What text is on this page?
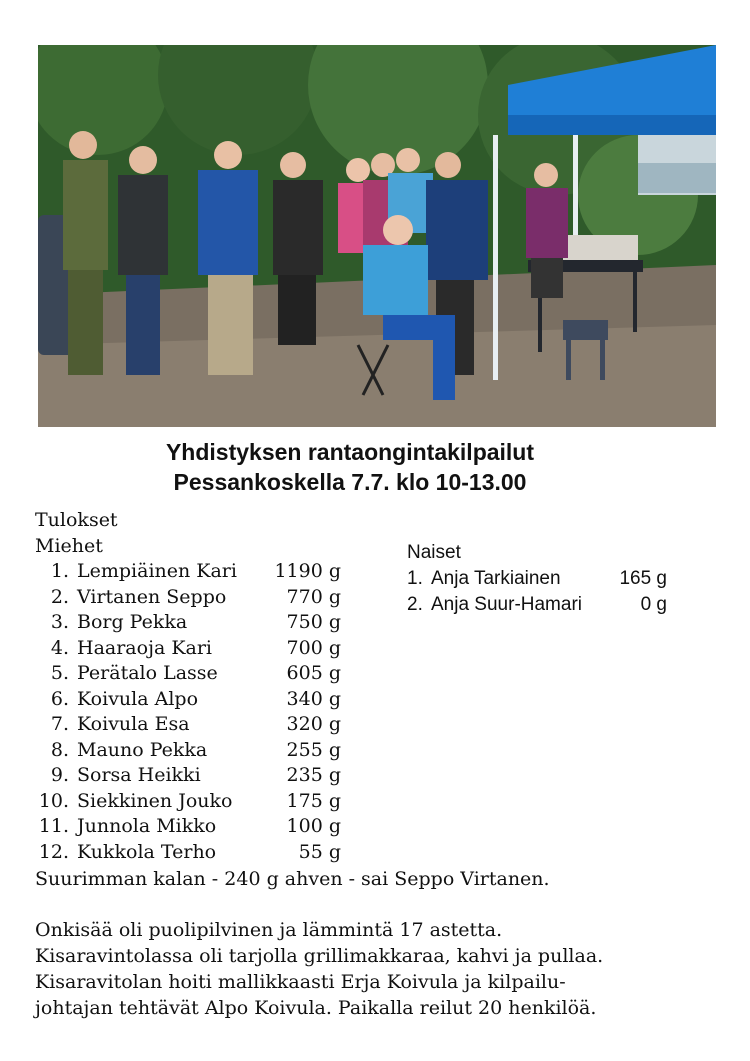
Yhdistyksen rantaongintakilpailut
Pessankoskella 7.7. klo 10-13.00
Tulokset
Miehet
1. Lempiäinen Kari 1190 g
2. Virtanen Seppo	770 g
3. Borg Pekka	750 g
4. Haaraoja Kari	700 g
5. Perätalo Lasse	605 g
6. Koivula Alpo	340 g
7. Koivula Esa	320 g
8. Mauno Pekka	255 g
9. Sorsa Heikki	235 g
10. Siekkinen Jouko	175 g
11. Junnola Mikko	100 g
12. Kukkola Terho	55 g
Naiset
1. Anja Tarkiainen	165 g
2. Anja Suur-Hamari	0 g
Suurimman kalan - 240 g ahven - sai Seppo Virtanen.
Onkisää oli puolipilvinen ja lämmintä 17 astetta.
Kisaravintolassa oli tarjolla grillimakkaraa, kahvi ja pullaa.
Kisaravitolan hoiti mallikkaasti Erja Koivula ja kilpailu-
johtajan tehtävät Alpo Koivula. Paikalla reilut 20 henkilöä.
